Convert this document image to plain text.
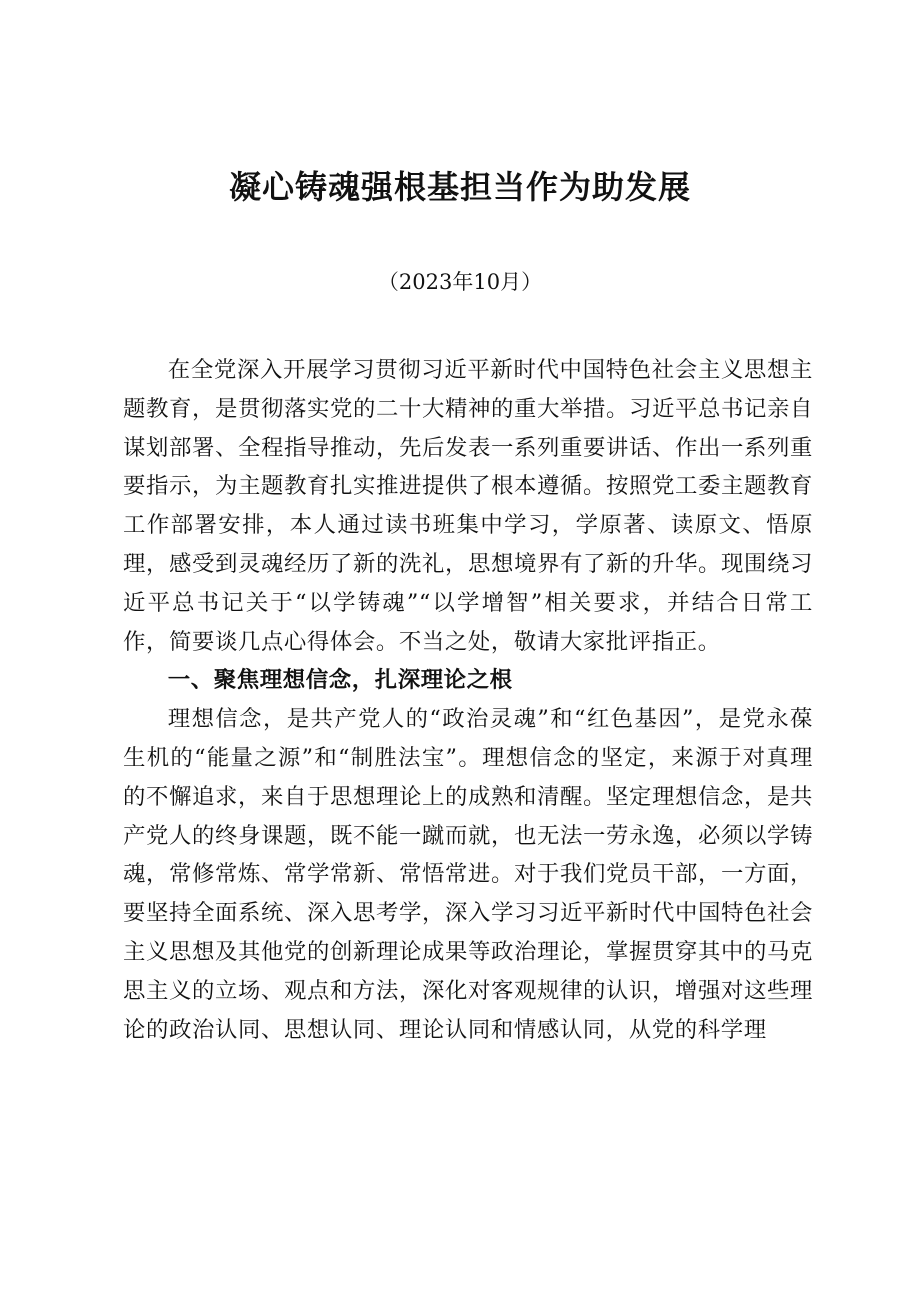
凝心铸魂强根基担当作为助发展

（2023年10月）

在全党深入开展学习贯彻习近平新时代中国特色社会主义思想主题教育，是贯彻落实党的二十大精神的重大举措。习近平总书记亲自谋划部署、全程指导推动，先后发表一系列重要讲话、作出一系列重要指示，为主题教育扎实推进提供了根本遵循。按照党工委主题教育工作部署安排，本人通过读书班集中学习，学原著、读原文、悟原理，感受到灵魂经历了新的洗礼，思想境界有了新的升华。现围绕习近平总书记关于“以学铸魂”“以学增智”相关要求，并结合日常工作，简要谈几点心得体会。不当之处，敬请大家批评指正。

一、聚焦理想信念，扎深理论之根

理想信念，是共产党人的“政治灵魂”和“红色基因”，是党永葆生机的“能量之源”和“制胜法宝”。理想信念的坚定，来源于对真理的不懈追求，来自于思想理论上的成熟和清醒。坚定理想信念，是共产党人的终身课题，既不能一蹴而就，也无法一劳永逸，必须以学铸魂，常修常炼、常学常新、常悟常进。对于我们党员干部，一方面，要坚持全面系统、深入思考学，深入学习习近平新时代中国特色社会主义思想及其他党的创新理论成果等政治理论，掌握贯穿其中的马克思主义的立场、观点和方法，深化对客观规律的认识，增强对这些理论的政治认同、思想认同、理论认同和情感认同，从党的科学理
